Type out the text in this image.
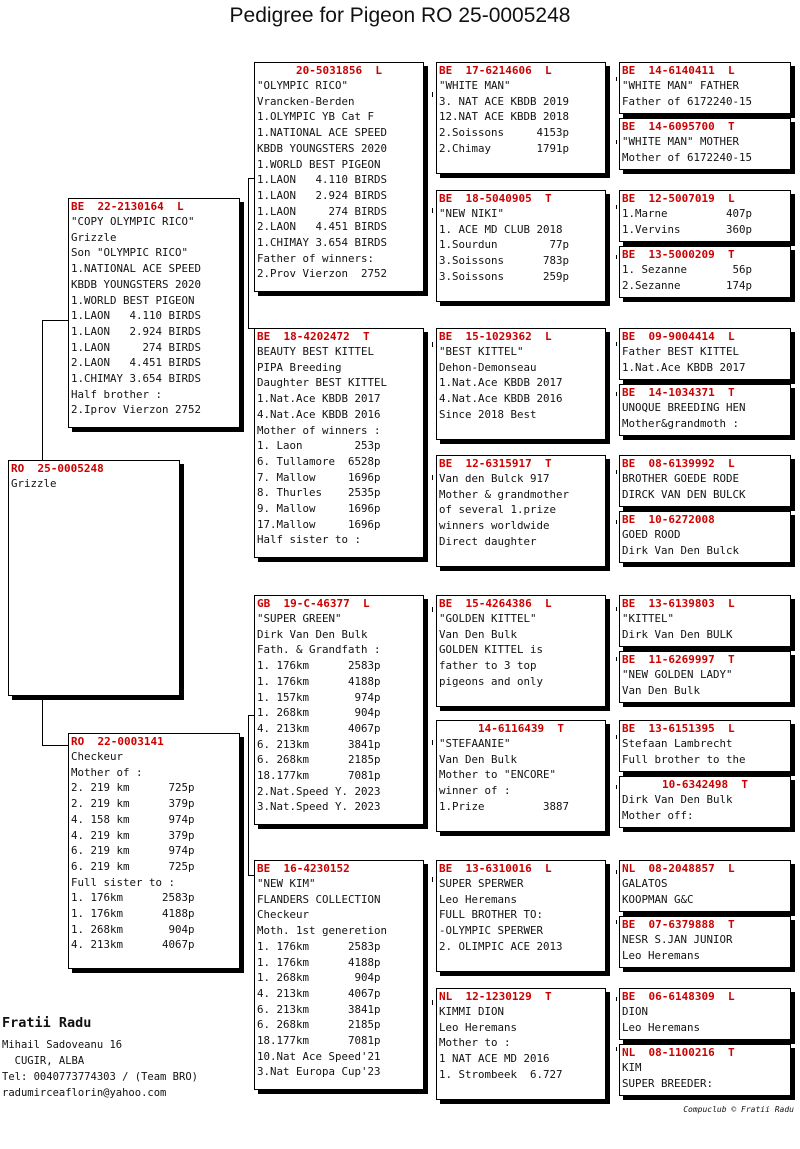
Pedigree for Pigeon RO 25-0005248
RO  25-0005248
Grizzle
BE  22-2130164  L
"COPY OLYMPIC RICO"
Grizzle
Son "OLYMPIC RICO"
1.NATIONAL ACE SPEED
KBDB YOUNGSTERS 2020
1.WORLD BEST PIGEON
1.LAON   4.110 BIRDS
1.LAON   2.924 BIRDS
1.LAON     274 BIRDS
2.LAON   4.451 BIRDS
1.CHIMAY 3.654 BIRDS
Half brother :
2.Iprov Vierzon 2752
RO  22-0003141
Checkeur
Mother of :
2. 219 km      725p
2. 219 km      379p
4. 158 km      974p
4. 219 km      379p
6. 219 km      974p
6. 219 km      725p
Full sister to :
1. 176km      2583p
1. 176km      4188p
1. 268km       904p
4. 213km      4067p
20-5031856  L
"OLYMPIC RICO"
Vrancken-Berden
1.OLYMPIC YB Cat F
1.NATIONAL ACE SPEED
KBDB YOUNGSTERS 2020
1.WORLD BEST PIGEON
1.LAON   4.110 BIRDS
1.LAON   2.924 BIRDS
1.LAON     274 BIRDS
2.LAON   4.451 BIRDS
1.CHIMAY 3.654 BIRDS
Father of winners:
2.Prov Vierzon  2752
BE  18-4202472  T
BEAUTY BEST KITTEL
PIPA Breeding
Daughter BEST KITTEL
1.Nat.Ace KBDB 2017
4.Nat.Ace KBDB 2016
Mother of winners :
1. Laon        253p
6. Tullamore  6528p
7. Mallow     1696p
8. Thurles    2535p
9. Mallow     1696p
17.Mallow     1696p
Half sister to :
GB  19-C-46377  L
"SUPER GREEN"
Dirk Van Den Bulk
Fath. & Grandfath :
1. 176km      2583p
1. 176km      4188p
1. 157km       974p
1. 268km       904p
4. 213km      4067p
6. 213km      3841p
6. 268km      2185p
18.177km      7081p
2.Nat.Speed Y. 2023
3.Nat.Speed Y. 2023
BE  16-4230152
"NEW KIM"
FLANDERS COLLECTION
Checkeur
Moth. 1st generetion
1. 176km      2583p
1. 176km      4188p
1. 268km       904p
4. 213km      4067p
6. 213km      3841p
6. 268km      2185p
18.177km      7081p
10.Nat Ace Speed'21
3.Nat Europa Cup'23
BE  17-6214606  L
"WHITE MAN"
3. NAT ACE KBDB 2019
12.NAT ACE KBDB 2018
2.Soissons     4153p
2.Chimay       1791p
BE  18-5040905  T
"NEW NIKI"
1. ACE MD CLUB 2018
1.Sourdun        77p
3.Soissons      783p
3.Soissons      259p
BE  15-1029362  L
"BEST KITTEL"
Dehon-Demonseau
1.Nat.Ace KBDB 2017
4.Nat.Ace KBDB 2016
Since 2018 Best
BE  12-6315917  T
Van den Bulck 917
Mother & grandmother
of several 1.prize
winners worldwide
Direct daughter
BE  15-4264386  L
"GOLDEN KITTEL"
Van Den Bulk
GOLDEN KITTEL is
father to 3 top
pigeons and only
14-6116439  T
"STEFAANIE"
Van Den Bulk
Mother to "ENCORE"
winner of :
1.Prize         3887
BE  13-6310016  L
SUPER SPERWER
Leo Heremans
FULL BROTHER TO:
-OLYMPIC SPERWER
2. OLIMPIC ACE 2013
NL  12-1230129  T
KIMMI DION
Leo Heremans
Mother to :
1 NAT ACE MD 2016
1. Strombeek  6.727
BE  14-6140411  L
"WHITE MAN" FATHER
Father of 6172240-15
BE  14-6095700  T
"WHITE MAN" MOTHER
Mother of 6172240-15
BE  12-5007019  L
1.Marne         407p
1.Vervins       360p
BE  13-5000209  T
1. Sezanne       56p
2.Sezanne       174p
BE  09-9004414  L
Father BEST KITTEL
1.Nat.Ace KBDB 2017
BE  14-1034371  T
UNOQUE BREEDING HEN
Mother&grandmoth :
BE  08-6139992  L
BROTHER GOEDE RODE
DIRCK VAN DEN BULCK
BE  10-6272008
GOED ROOD
Dirk Van Den Bulck
BE  13-6139803  L
"KITTEL"
Dirk Van Den BULK
BE  11-6269997  T
"NEW GOLDEN LADY"
Van Den Bulk
BE  13-6151395  L
Stefaan Lambrecht
Full brother to the
10-6342498  T
Dirk Van Den Bulk
Mother off:
NL  08-2048857  L
GALATOS
KOOPMAN G&C
BE  07-6379888  T
NESR S.JAN JUNIOR
Leo Heremans
BE  06-6148309  L
DION
Leo Heremans
NL  08-1100216  T
KIM
SUPER BREEDER:
Fratii Radu
Mihail Sadoveanu 16
CUGIR, ALBA
Tel: 0040773774303 / (Team BRO)
radumirceaflorin@yahoo.com
Compuclub © Fratii Radu
